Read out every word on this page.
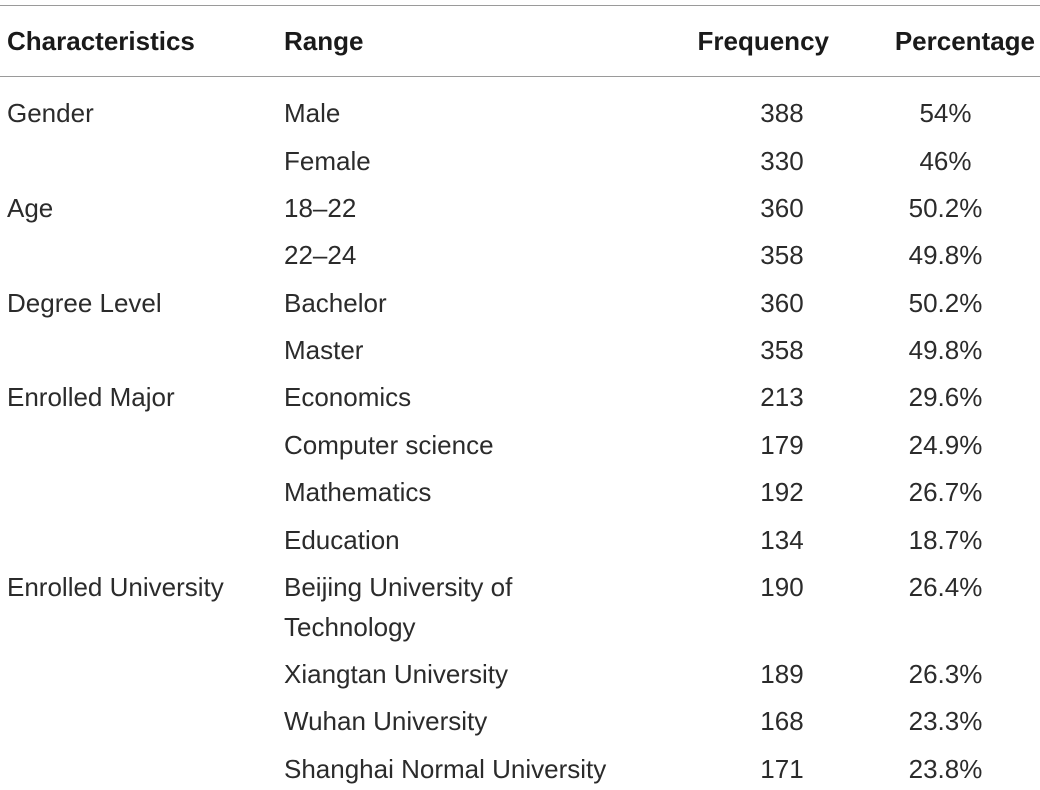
Characteristics	Range	Frequency	Percentage
Gender	Male	388	54%
	Female	330	46%
Age	18–22	360	50.2%
	22–24	358	49.8%
Degree Level	Bachelor	360	50.2%
	Master	358	49.8%
Enrolled Major	Economics	213	29.6%
	Computer science	179	24.9%
	Mathematics	192	26.7%
	Education	134	18.7%
Enrolled University	Beijing University of Technology	190	26.4%
	Xiangtan University	189	26.3%
	Wuhan University	168	23.3%
	Shanghai Normal University	171	23.8%
